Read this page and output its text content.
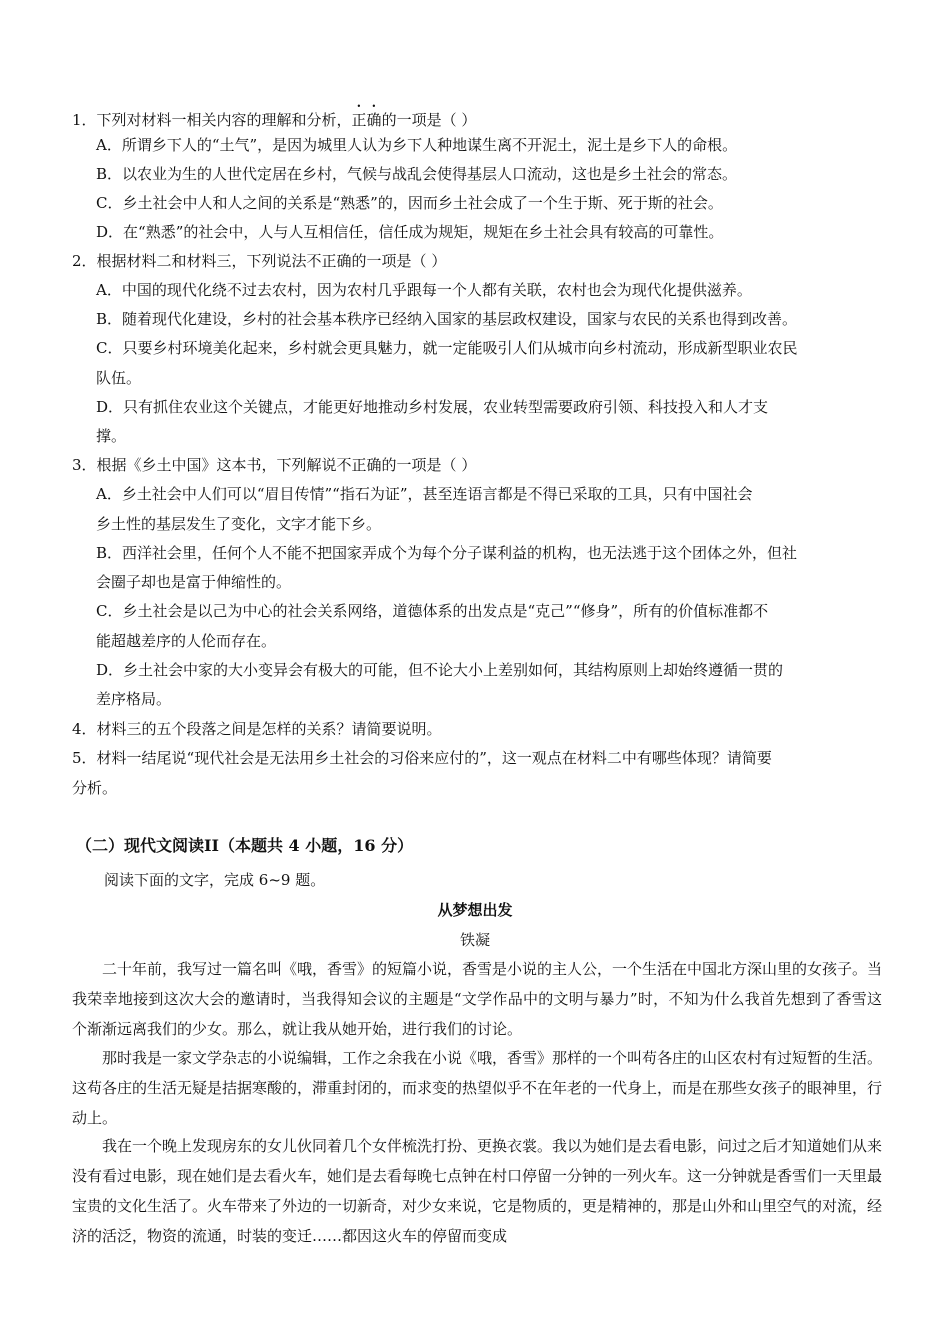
1．下列对材料一相关内容的理解和分析，正确的一项是（ ）
A．所谓乡下人的“土气”，是因为城里人认为乡下人种地谋生离不开泥土，泥土是乡下人的命根。
B．以农业为生的人世代定居在乡村，气候与战乱会使得基层人口流动，这也是乡土社会的常态。
C．乡土社会中人和人之间的关系是“熟悉”的，因而乡土社会成了一个生于斯、死于斯的社会。
D．在“熟悉”的社会中，人与人互相信任，信任成为规矩，规矩在乡土社会具有较高的可靠性。
2．根据材料二和材料三，下列说法不正确的一项是（ ）
A．中国的现代化绕不过去农村，因为农村几乎跟每一个人都有关联，农村也会为现代化提供滋养。
B．随着现代化建设，乡村的社会基本秩序已经纳入国家的基层政权建设，国家与农民的关系也得到改善。
C．只要乡村环境美化起来，乡村就会更具魅力，就一定能吸引人们从城市向乡村流动，形成新型职业农民
队伍。
D．只有抓住农业这个关键点，才能更好地推动乡村发展，农业转型需要政府引领、科技投入和人才支
撑。
3．根据《乡土中国》这本书，下列解说不正确的一项是（ ）
A．乡土社会中人们可以“眉目传情”“指石为证”，甚至连语言都是不得已采取的工具，只有中国社会
乡土性的基层发生了变化，文字才能下乡。
B．西洋社会里，任何个人不能不把国家弄成个为每个分子谋利益的机构，也无法逃于这个团体之外，但社
会圈子却也是富于伸缩性的。
C．乡土社会是以己为中心的社会关系网络，道德体系的出发点是“克己”“修身”，所有的价值标准都不
能超越差序的人伦而存在。
D．乡土社会中家的大小变异会有极大的可能，但不论大小上差别如何，其结构原则上却始终遵循一贯的
差序格局。
4．材料三的五个段落之间是怎样的关系？请简要说明。
5．材料一结尾说“现代社会是无法用乡土社会的习俗来应付的”，这一观点在材料二中有哪些体现？请简要
分析。
（二）现代文阅读II（本题共 4 小题，16 分）
阅读下面的文字，完成 6~9 题。
从梦想出发
铁凝
二十年前，我写过一篇名叫《哦，香雪》的短篇小说，香雪是小说的主人公，一个生活在中国北方深山里的女孩子。当我荣幸地接到这次大会的邀请时，当我得知会议的主题是“文学作品中的文明与暴力”时，不知为什么我首先想到了香雪这个渐渐远离我们的少女。那么，就让我从她开始，进行我们的讨论。
那时我是一家文学杂志的小说编辑，工作之余我在小说《哦，香雪》那样的一个叫苟各庄的山区农村有过短暂的生活。这苟各庄的生活无疑是拮据寒酸的，滞重封闭的，而求变的热望似乎不在年老的一代身上，而是在那些女孩子的眼神里，行动上。
我在一个晚上发现房东的女儿伙同着几个女伴梳洗打扮、更换衣裳。我以为她们是去看电影，问过之后才知道她们从来没有看过电影，现在她们是去看火车，她们是去看每晚七点钟在村口停留一分钟的一列火车。这一分钟就是香雪们一天里最宝贵的文化生活了。火车带来了外边的一切新奇，对少女来说，它是物质的，更是精神的，那是山外和山里空气的对流，经济的活泛，物资的流通，时装的变迁……都因这火车的停留而变成
